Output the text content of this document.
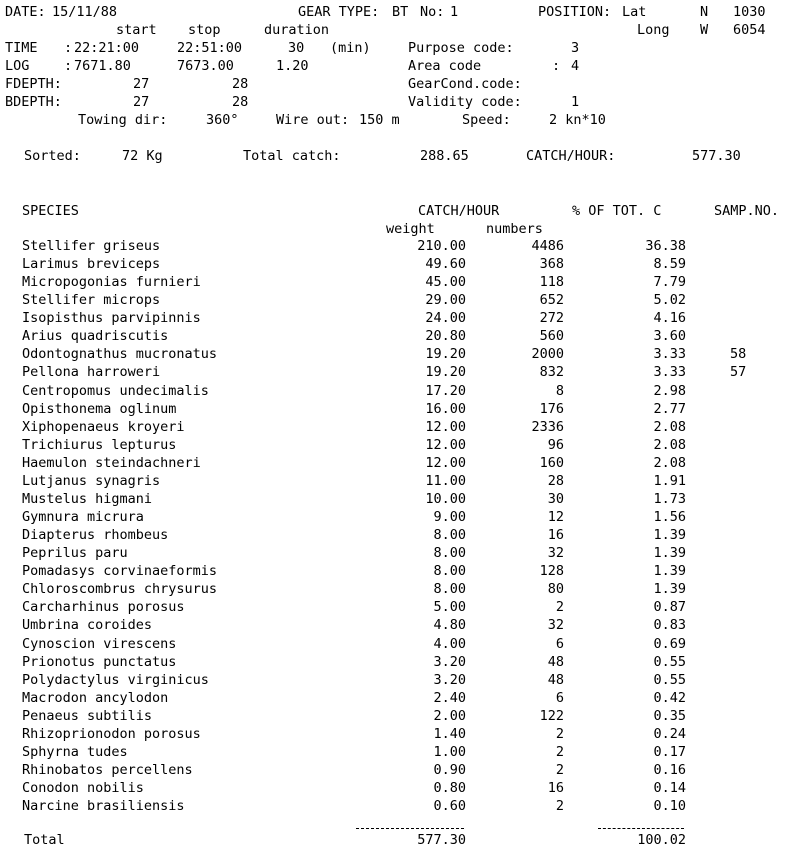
DATE: 15/11/88	GEAR TYPE: BT No: 1	POSITION: Lat	N 1030
start stop	duration	Long W 6054
TIME : 22:21:00	22:51:00	30 (min)	Purpose code:	3
LOG	: 7671.80	7673.00	1.20	Area code	: 4
FDEPTH:	27	28	GearCond.code:
BDEPTH:	27	28	Validity code:	1
Towing dir:	360°	Wire out: 150 m	Speed:	2 kn*10
Sorted:	72 Kg	Total catch:	288.65	CATCH/HOUR:	577.30
SPECIES	CATCH/HOUR	% OF TOT. C	SAMP.NO.
weight	numbers
Stellifer griseus	210.00	4486	36.38
Larimus breviceps	49.60	368	8.59
Micropogonias furnieri	45.00	118	7.79
Stellifer microps	29.00	652	5.02
Isopisthus parvipinnis	24.00	272	4.16
Arius quadriscutis	20.80	560	3.60
Odontognathus mucronatus	19.20	2000	3.33	58
Pellona harroweri	19.20	832	3.33	57
Centropomus undecimalis	17.20	8	2.98
Opisthonema oglinum	16.00	176	2.77
Xiphopenaeus kroyeri	12.00	2336	2.08
Trichiurus lepturus	12.00	96	2.08
Haemulon steindachneri	12.00	160	2.08
Lutjanus synagris	11.00	28	1.91
Mustelus higmani	10.00	30	1.73
Gymnura micrura	9.00	12	1.56
Diapterus rhombeus	8.00	16	1.39
Peprilus paru	8.00	32	1.39
Pomadasys corvinaeformis	8.00	128	1.39
Chloroscombrus chrysurus	8.00	80	1.39
Carcharhinus porosus	5.00	2	0.87
Umbrina coroides	4.80	32	0.83
Cynoscion virescens	4.00	6	0.69
Prionotus punctatus	3.20	48	0.55
Polydactylus virginicus	3.20	48	0.55
Macrodon ancylodon	2.40	6	0.42
Penaeus subtilis	2.00	122	0.35
Rhizoprionodon porosus	1.40	2	0.24
Sphyrna tudes	1.00	2	0.17
Rhinobatos percellens	0.90	2	0.16
Conodon nobilis	0.80	16	0.14
Narcine brasiliensis	0.60	2	0.10
Total	577.30	100.02
